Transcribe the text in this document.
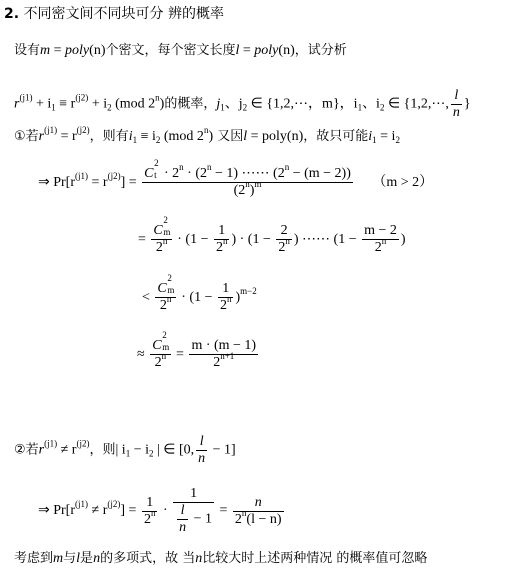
2. 不同密文间不同块可分 辨的概率
设有m = poly(n)个密文，每个密文长度l = poly(n)，试分析
$r^{(j1)} + i_1 \equiv r^{(j2)} + i_2$ (mod 2$^n$)的概率，$j_1$、$j_2$ ∈ {1,2,⋯，m}，$i_1$、$i_2$ ∈ {1,2,⋯, $\frac{l}{n}$ }
①若$r^{(j1)} = r^{(j2)}$，则有$i_1 \equiv i_2$ (mod 2$^n$) 又因l = poly(n)，故只可能$i_1 = i_2$
⇒ $Pr[r^{(j1)} = r^{(j2)}] = C$
2
$t \cdot 2^n \cdot (2^n - 1)$ ⋯⋯ $(2^n - (m - 2))$
$(2^n)^m$ （m > 2）
= C
2
m

$2^n \cdot (1 - \frac{1}{2^n}$ ) · ($1 - \frac{2}{2^n}$ ) ⋯⋯ ($1 - \frac{m - 2}{2^n}$ )
< C
2
m

$2^n \cdot (1 - \frac{1}{2^n} )^{m-2}$
≈ C
2
m

$2^n = \frac{m \cdot (m - 1)}{2^{n+1}}$
②若$r^{(j1)} \ne r^{(j2)}$，则| $i_1 - i_2$ | ∈ [0, $\frac{l}{n} - 1$]
⇒ $Pr[r^{(j1)} \ne r^{(j2)}] = \frac{1}{2^n} \cdot \frac{1}{\frac{l}{n} - 1} = \frac{n}{2^n(l - n)}$
考虑到m与l是n的多项式，故 当n比较大时上述两种情况 的概率值可忽略
